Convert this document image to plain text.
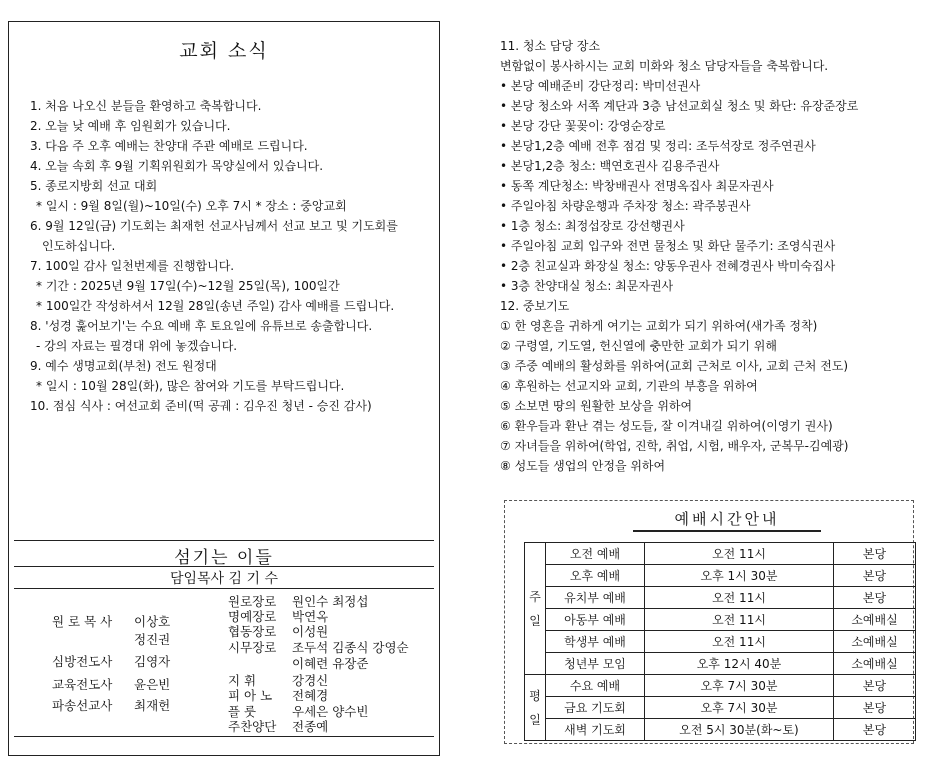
교회 소식
1. 처음 나오신 분들을 환영하고 축복합니다.
2. 오늘 낮 예배 후 임원회가 있습니다.
3. 다음 주 오후 예배는 찬양대 주관 예배로 드립니다.
4. 오늘 속회 후 9월 기획위원회가 목양실에서 있습니다.
5. 종로지방회 선교 대회
* 일시 : 9월 8일(월)~10일(수) 오후 7시 * 장소 : 중앙교회
6. 9월 12일(금) 기도회는 최재헌 선교사님께서 선교 보고 및 기도회를
인도하십니다.
7. 100일 감사 일천번제를 진행합니다.
* 기간 : 2025년 9월 17일(수)~12월 25일(목), 100일간
* 100일간 작성하셔서 12월 28일(송년 주일) 감사 예배를 드립니다.
8. '성경 훑어보기'는 수요 예배 후 토요일에 유튜브로 송출합니다.
- 강의 자료는 필경대 위에 놓겠습니다.
9. 예수 생명교회(부천) 전도 원정대
* 일시 : 10월 28일(화), 많은 참여와 기도를 부탁드립니다.
10. 점심 식사 : 여선교회 준비(떡 공궤 : 김우진 청년 - 승진 감사)
섬기는 이들
담임목사 김 기 수
원 로 목 사 이상호
정진권
심방전도사 김영자
교육전도사 윤은빈
파송선교사 최재헌
원로장로 원인수 최정섭
명예장로 박연옥
협동장로 이성원
시무장로 조두석 김종식 강영순
이혜련 유장준
지 휘	강경신
피 아 노 전혜경
플 룻	우세은 양수빈
주찬양단 전종예
11. 청소 담당 장소
변함없이 봉사하시는 교회 미화와 청소 담당자들을 축복합니다.
• 본당 예배준비 강단정리: 박미선권사
• 본당 청소와 서쪽 계단과 3층 남선교회실 청소 및 화단: 유장준장로
• 본당 강단 꽃꽂이: 강영순장로
• 본당1,2층 예배 전후 점검 및 정리: 조두석장로 정주연권사
• 본당1,2층 청소: 백연호권사 김용주권사
• 동쪽 계단청소: 박창배권사 전명옥집사 최문자권사
• 주일아침 차량운행과 주차장 청소: 곽주봉권사
• 1층 청소: 최정섭장로 강선행권사
• 주일아침 교회 입구와 전면 물청소 및 화단 물주기: 조영식권사
• 2층 친교실과 화장실 청소: 양동우권사 전혜경권사 박미숙집사
• 3층 찬양대실 청소: 최문자권사
12. 중보기도
① 한 영혼을 귀하게 여기는 교회가 되기 위하여(새가족 정착)
② 구령열, 기도열, 헌신열에 충만한 교회가 되기 위해
③ 주중 예배의 활성화를 위하여(교회 근처로 이사, 교회 근처 전도)
④ 후원하는 선교지와 교회, 기관의 부흥을 위하여
⑤ 소보면 땅의 원활한 보상을 위하여
⑥ 환우들과 환난 겪는 성도들, 잘 이겨내길 위하여(이영기 권사)
⑦ 자녀들을 위하여(학업, 진학, 취업, 시험, 배우자, 군복무-김예광)
⑧ 성도들 생업의 안정을 위하여
예배시간안내
주
일	오전 예배	오전 11시	본당
	오후 예배	오후 1시 30분	본당
	유치부 예배	오전 11시	본당
	아동부 예배	오전 11시	소예배실
	학생부 예배	오전 11시	소예배실
	청년부 모임	오후 12시 40분	소예배실
평
일	수요 예배	오후 7시 30분	본당
	금요 기도회	오후 7시 30분	본당
	새벽 기도회	오전 5시 30분(화~토)	본당
